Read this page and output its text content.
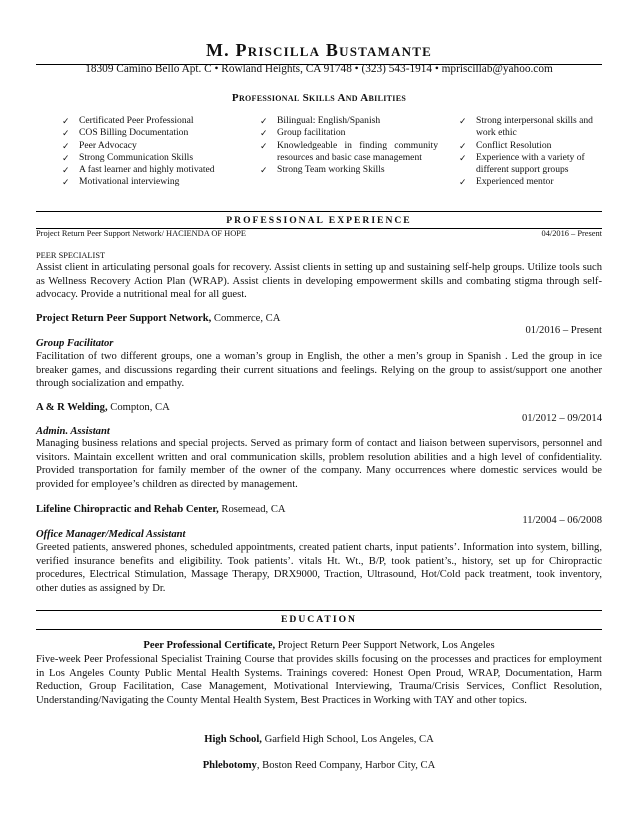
M. Priscilla Bustamante
18309 Camino Bello Apt. C • Rowland Heights, CA 91748 • (323) 543-1914 • mpriscillab@yahoo.com
Professional Skills And Abilities
✓ Certificated Peer Professional
✓ COS Billing Documentation
✓ Peer Advocacy
✓ Strong Communication Skills
✓ A fast learner and highly motivated
✓ Motivational interviewing
✓ Bilingual: English/Spanish
✓ Group facilitation
✓ Knowledgeable in finding community resources and basic case management
✓ Strong Team working Skills
✓ Strong interpersonal skills and work ethic
✓ Conflict Resolution
✓ Experience with a variety of different support groups
✓ Experienced mentor
PROFESSIONAL EXPERIENCE
Project Return Peer Support Network/ HACIENDA OF HOPE	04/2016 – Present
PEER SPECIALIST
Assist client in articulating personal goals for recovery. Assist clients in setting up and sustaining self-help groups. Utilize tools such as Wellness Recovery Action Plan (WRAP). Assist clients in developing empowerment skills and combating stigma through self-advocacy. Provide a nutritional meal for all guest.
Project Return Peer Support Network, Commerce, CA
01/2016 – Present
Group Facilitator
Facilitation of two different groups, one a woman’s group in English, the other a men’s group in Spanish . Led the group in ice breaker games, and discussions regarding their current situations and feelings. Relying on the group to assist/support one another through socialization and empathy.
A & R Welding, Compton, CA
01/2012 – 09/2014
Admin. Assistant
Managing business relations and special projects. Served as primary form of contact and liaison between supervisors, personnel and visitors. Maintain excellent written and oral communication skills, problem resolution abilities and a high level of confidentiality. Provided transportation for family member of the owner of the company. Many occurrences where domestic services would be provided for employee’s children as directed by management.
Lifeline Chiropractic and Rehab Center, Rosemead, CA
11/2004 – 06/2008
Office Manager/Medical Assistant
Greeted patients, answered phones, scheduled appointments, created patient charts, input patients’. Information into system, billing, verified insurance benefits and eligibility. Took patients’. vitals Ht. Wt., B/P, took patient’s., history, set up for Chiropractic procedures, Electrical Stimulation, Massage Therapy, DRX9000, Traction, Ultrasound, Hot/Cold pack treatment, took inventory, other duties as assigned by Dr.
EDUCATION
Peer Professional Certificate, Project Return Peer Support Network, Los Angeles
Five-week Peer Professional Specialist Training Course that provides skills focusing on the processes and practices for employment in Los Angeles County Public Mental Health Systems. Trainings covered: Honest Open Proud, WRAP, Documentation, Harm Reduction, Group Facilitation, Case Management, Motivational Interviewing, Trauma/Crisis Services, Conflict Resolution, Understanding/Navigating the County Mental Health System, Best Practices in Working with TAY and other topics.
High School, Garfield High School, Los Angeles, CA
Phlebotomy, Boston Reed Company, Harbor City, CA
